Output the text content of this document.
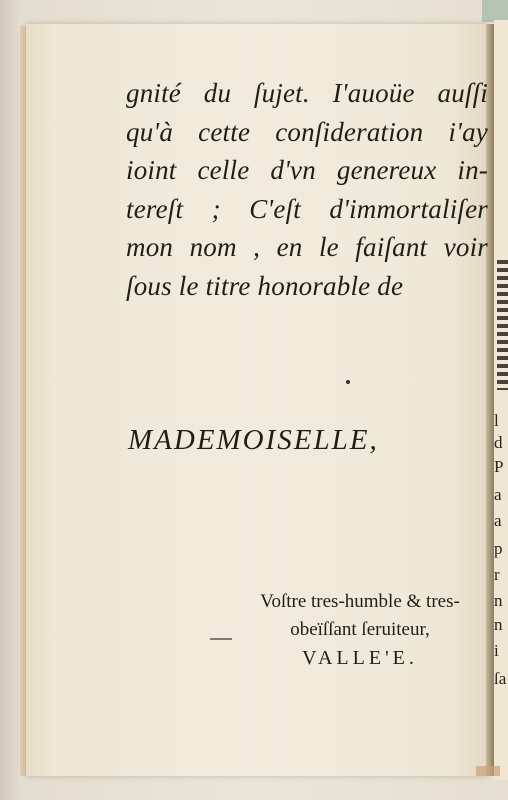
l
d
P
a
a
p
r
n
n
i
ſa
gnité du ſujet. I'auoüe auſſi
qu'à cette conſideration i'ay
ioint celle d'vn genereux in-
tereſt ; C'eſt d'immortaliſer
mon nom , en le faiſant voir
ſous le titre honorable de
MADEMOISELLE,
Voſtre tres-humble & tres-
obeïſſant ſeruiteur,
VALLE'E.
